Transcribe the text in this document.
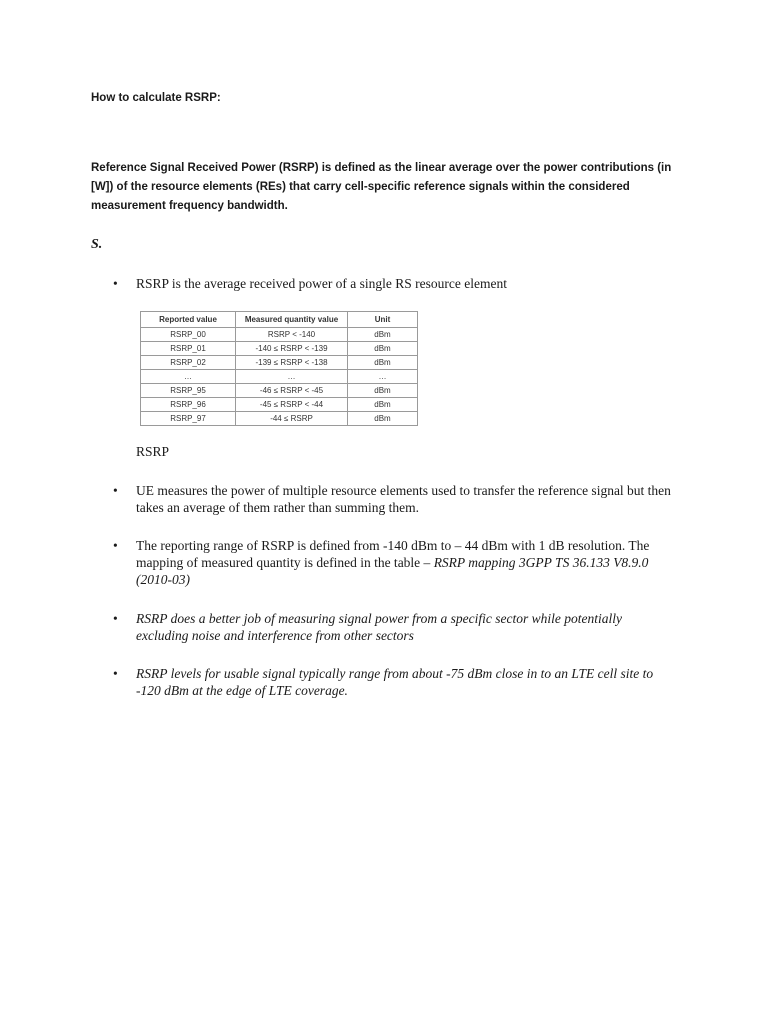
How to calculate RSRP:
Reference Signal Received Power (RSRP) is defined as the linear average over the power contributions (in [W]) of the resource elements (REs) that carry cell-specific reference signals within the considered measurement frequency bandwidth.
S.
• RSRP is the average received power of a single RS resource element
Reported value	Measured quantity value	Unit
RSRP_00	RSRP < -140	dBm
RSRP_01	-140 ≤ RSRP < -139	dBm
RSRP_02	-139 ≤ RSRP < -138	dBm
…	…	…
RSRP_95	-46 ≤ RSRP < -45	dBm
RSRP_96	-45 ≤ RSRP < -44	dBm
RSRP_97	-44 ≤ RSRP	dBm
RSRP
• UE measures the power of multiple resource elements used to transfer the reference signal but then takes an average of them rather than summing them.
• The reporting range of RSRP is defined from -140 dBm to – 44 dBm with 1 dB resolution. The mapping of measured quantity is defined in the table – RSRP mapping 3GPP TS 36.133 V8.9.0 (2010-03)
• RSRP does a better job of measuring signal power from a specific sector while potentially excluding noise and interference from other sectors
• RSRP levels for usable signal typically range from about -75 dBm close in to an LTE cell site to -120 dBm at the edge of LTE coverage.
